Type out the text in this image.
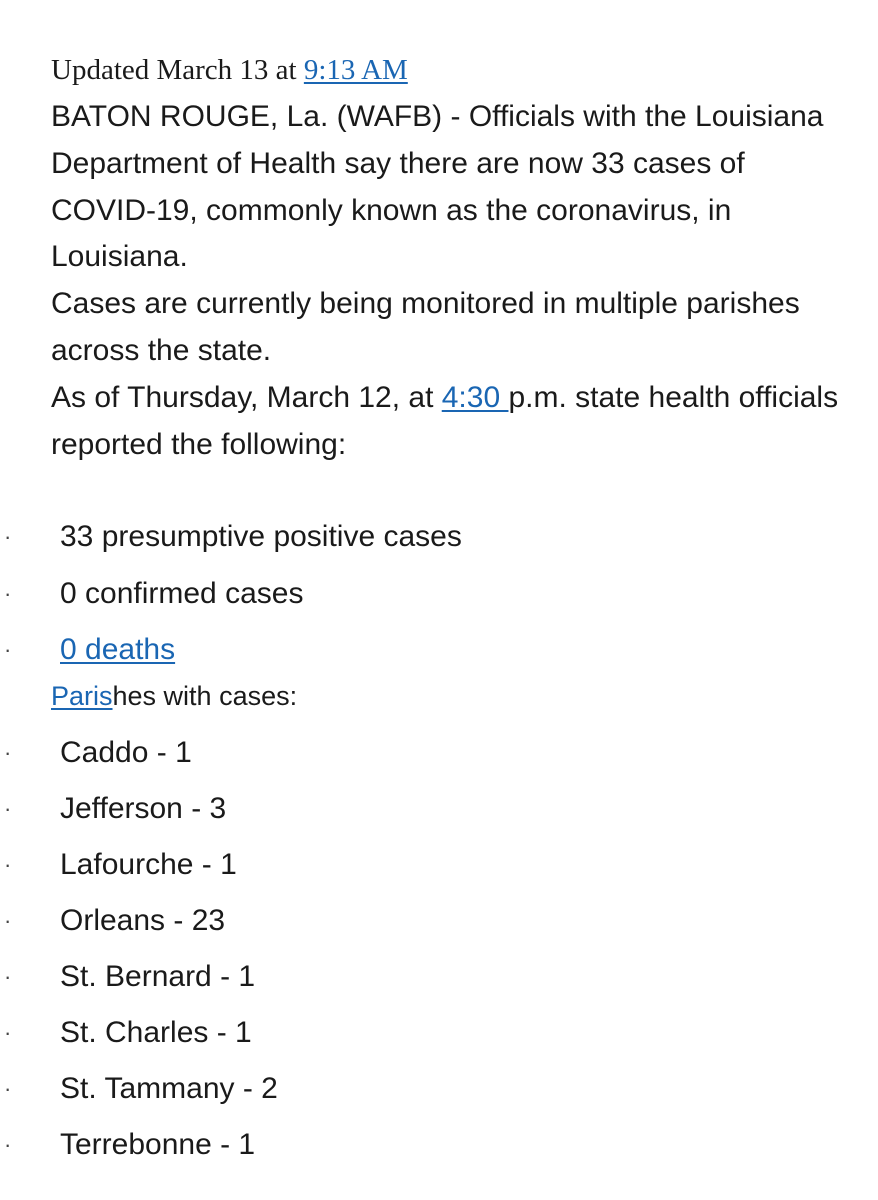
Updated March 13 at 9:13 AM

BATON ROUGE, La. (WAFB) - Officials with the Louisiana Department of Health say there are now 33 cases of COVID-19, commonly known as the coronavirus, in Louisiana.

Cases are currently being monitored in multiple parishes across the state.

As of Thursday, March 12, at 4:30 p.m. state health officials reported the following:

· 33 presumptive positive cases
· 0 confirmed cases
· 0 deaths
Parishes with cases:
· Caddo - 1
· Jefferson - 3
· Lafourche - 1
· Orleans - 23
· St. Bernard - 1
· St. Charles - 1
· St. Tammany - 2
· Terrebonne - 1
